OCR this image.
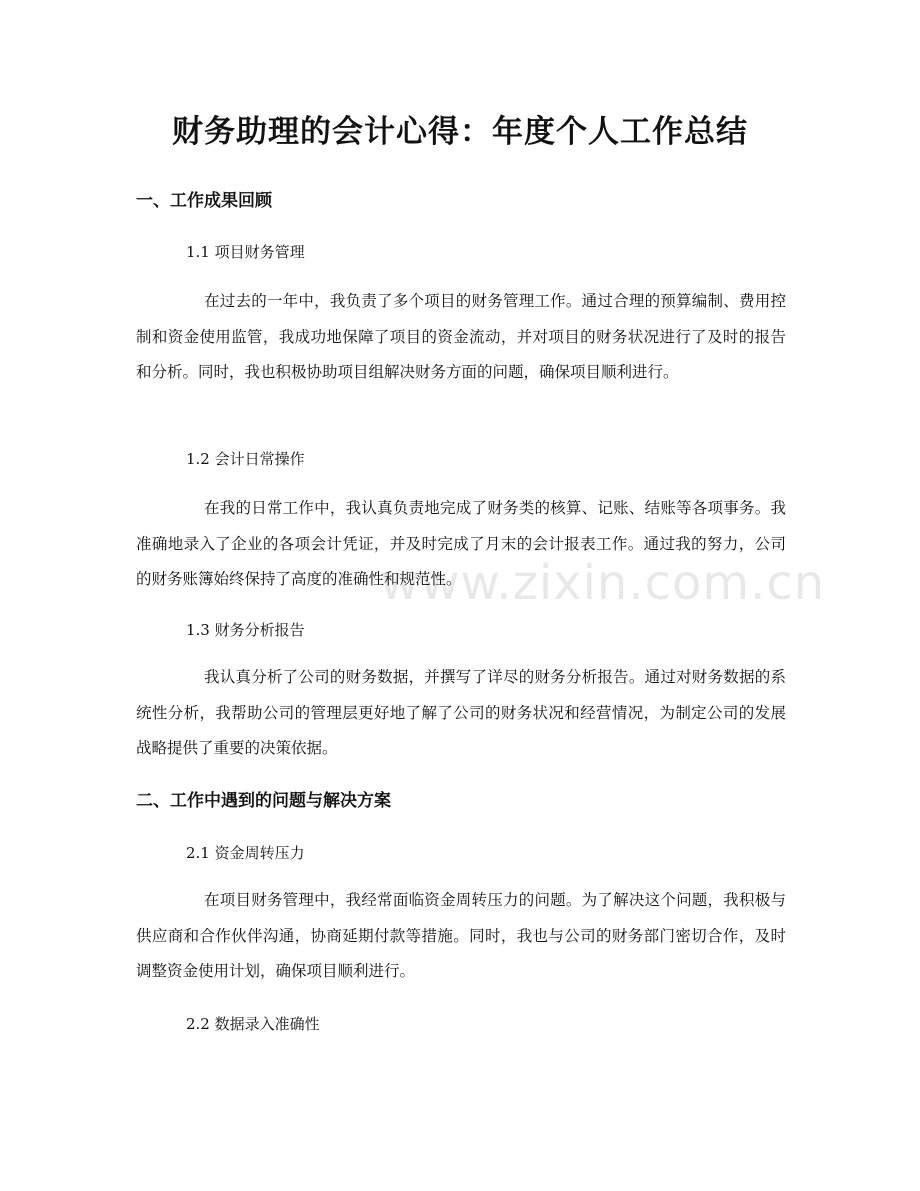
财务助理的会计心得：年度个人工作总结
一、工作成果回顾
1.1 项目财务管理

在过去的一年中，我负责了多个项目的财务管理工作。通过合理的预算编制、费用控制和资金使用监管，我成功地保障了项目的资金流动，并对项目的财务状况进行了及时的报告和分析。同时，我也积极协助项目组解决财务方面的问题，确保项目顺利进行。

1.2 会计日常操作

在我的日常工作中，我认真负责地完成了财务类的核算、记账、结账等各项事务。我准确地录入了企业的各项会计凭证，并及时完成了月末的会计报表工作。通过我的努力，公司的财务账簿始终保持了高度的准确性和规范性。

1.3 财务分析报告

我认真分析了公司的财务数据，并撰写了详尽的财务分析报告。通过对财务数据的系统性分析，我帮助公司的管理层更好地了解了公司的财务状况和经营情况，为制定公司的发展战略提供了重要的决策依据。

二、工作中遇到的问题与解决方案
2.1 资金周转压力

在项目财务管理中，我经常面临资金周转压力的问题。为了解决这个问题，我积极与供应商和合作伙伴沟通，协商延期付款等措施。同时，我也与公司的财务部门密切合作，及时调整资金使用计划，确保项目顺利进行。

2.2 数据录入准确性
www.zixin.com.cn
